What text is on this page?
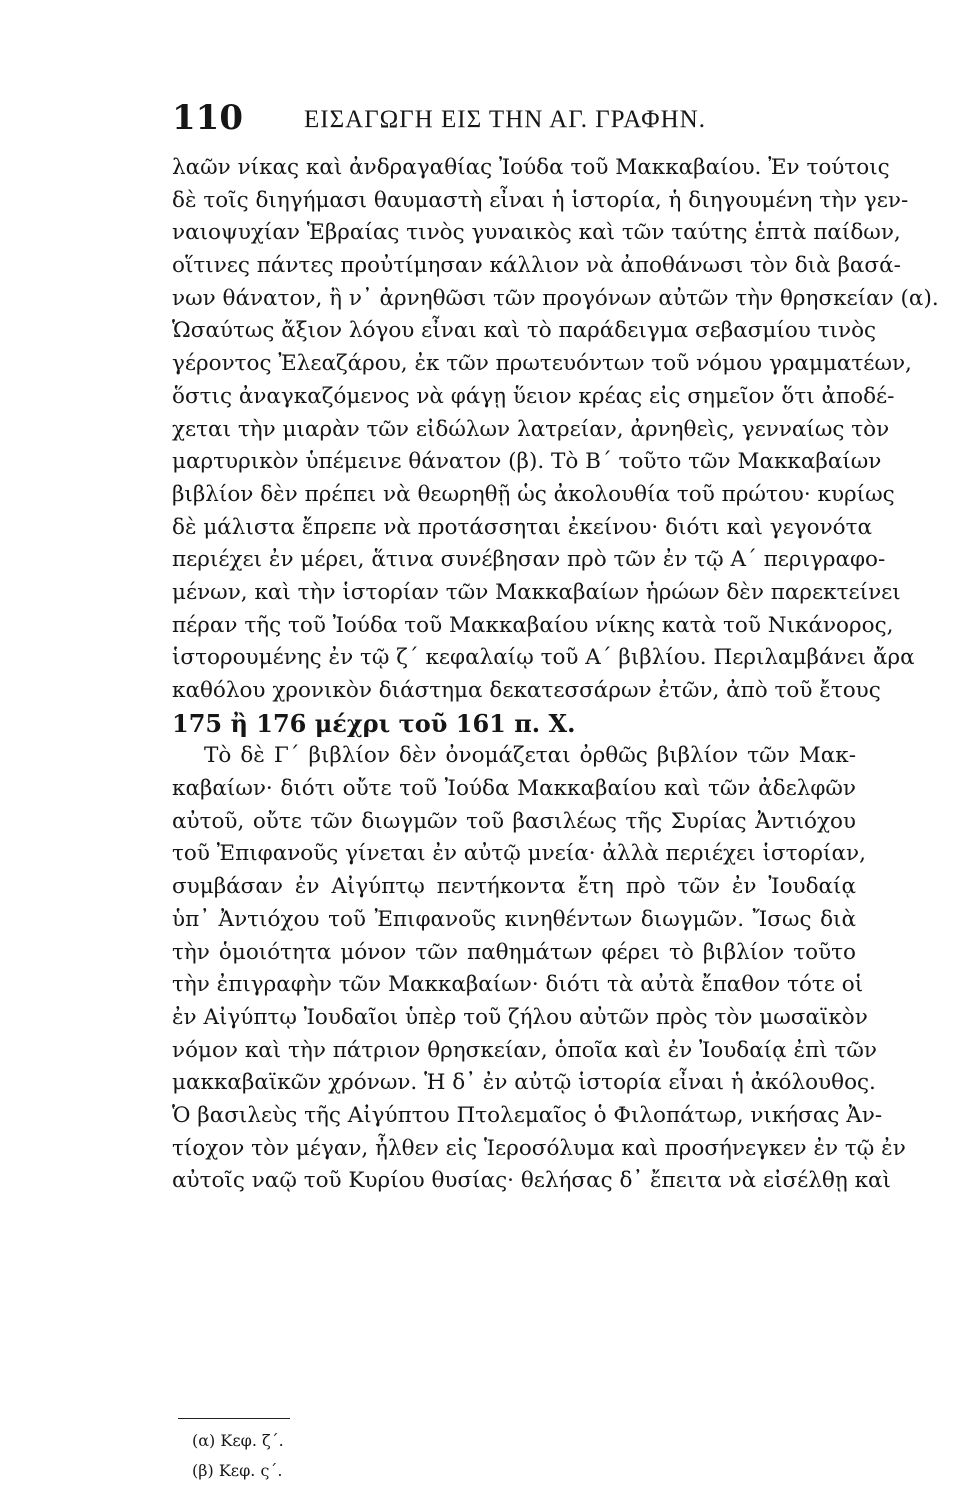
110 ΕΙΣΑΓΩΓΗ ΕΙΣ ΤΗΝ ΑΓ. ΓΡΑΦΗΝ.
λαῶν νίκας καὶ ἀνδραγαθίας Ἰούδα τοῦ Μακκαβαίου. Ἐν τούτοις
δὲ τοῖς διηγήμασι θαυμαστὴ εἶναι ἡ ἱστορία, ἡ διηγουμένη τὴν γεν-
ναιοψυχίαν Ἑβραίας τινὸς γυναικὸς καὶ τῶν ταύτης ἑπτὰ παίδων,
οἵτινες πάντες προὐτίμησαν κάλλιον νὰ ἀποθάνωσι τὸν διὰ βασά-
νων θάνατον, ἢ ν᾿ ἀρνηθῶσι τῶν προγόνων αὐτῶν τὴν θρησκείαν (α).
Ὡσαύτως ἄξιον λόγου εἶναι καὶ τὸ παράδειγμα σεβασμίου τινὸς
γέροντος Ἐλεαζάρου, ἐκ τῶν πρωτευόντων τοῦ νόμου γραμματέων,
ὅστις ἀναγκαζόμενος νὰ φάγῃ ὕειον κρέας εἰς σημεῖον ὅτι ἀποδέ-
χεται τὴν μιαρὰν τῶν εἰδώλων λατρείαν, ἀρνηθεὶς, γενναίως τὸν
μαρτυρικὸν ὑπέμεινε θάνατον (β). Τὸ Β´ τοῦτο τῶν Μακκαβαίων
βιβλίον δὲν πρέπει νὰ θεωρηθῇ ὡς ἀκολουθία τοῦ πρώτου· κυρίως
δὲ μάλιστα ἔπρεπε νὰ προτάσσηται ἐκείνου· διότι καὶ γεγονότα
περιέχει ἐν μέρει, ἅτινα συνέβησαν πρὸ τῶν ἐν τῷ Α´ περιγραφο-
μένων, καὶ τὴν ἱστορίαν τῶν Μακκαβαίων ἡρώων δὲν παρεκτείνει
πέραν τῆς τοῦ Ἰούδα τοῦ Μακκαβαίου νίκης κατὰ τοῦ Νικάνορος,
ἱστορουμένης ἐν τῷ ζ´ κεφαλαίῳ τοῦ Α´ βιβλίου. Περιλαμβάνει ἄρα
καθόλου χρονικὸν διάστημα δεκατεσσάρων ἐτῶν, ἀπὸ τοῦ ἔτους
175 ἢ 176 μέχρι τοῦ 161 π. Χ.
Τὸ δὲ Γ´ βιβλίον δὲν ὀνομάζεται ὀρθῶς βιβλίον τῶν Μακ-
καβαίων· διότι οὔτε τοῦ Ἰούδα Μακκαβαίου καὶ τῶν ἀδελφῶν
αὐτοῦ, οὔτε τῶν διωγμῶν τοῦ βασιλέως τῆς Συρίας Ἀντιόχου
τοῦ Ἐπιφανοῦς γίνεται ἐν αὐτῷ μνεία· ἀλλὰ περιέχει ἱστορίαν,
συμβάσαν ἐν Αἰγύπτῳ πεντήκοντα ἔτη πρὸ τῶν ἐν Ἰουδαίᾳ
ὑπ᾿ Ἀντιόχου τοῦ Ἐπιφανοῦς κινηθέντων διωγμῶν. Ἴσως διὰ
τὴν ὁμοιότητα μόνον τῶν παθημάτων φέρει τὸ βιβλίον τοῦτο
τὴν ἐπιγραφὴν τῶν Μακκαβαίων· διότι τὰ αὐτὰ ἔπαθον τότε οἱ
ἐν Αἰγύπτῳ Ἰουδαῖοι ὑπὲρ τοῦ ζήλου αὐτῶν πρὸς τὸν μωσαϊκὸν
νόμον καὶ τὴν πάτριον θρησκείαν, ὁποῖα καὶ ἐν Ἰουδαίᾳ ἐπὶ τῶν
μακκαβαϊκῶν χρόνων. Ἡ δ᾿ ἐν αὐτῷ ἱστορία εἶναι ἡ ἀκόλουθος.
Ὁ βασιλεὺς τῆς Αἰγύπτου Πτολεμαῖος ὁ Φιλοπάτωρ, νικήσας Ἀν-
τίοχον τὸν μέγαν, ἦλθεν εἰς Ἱεροσόλυμα καὶ προσήνεγκεν ἐν τῷ ἐν
αὐτοῖς ναῷ τοῦ Κυρίου θυσίας· θελήσας δ᾿ ἔπειτα νὰ εἰσέλθῃ καὶ
(α) Κεφ. ζ´.
(β) Κεφ. ς´.
